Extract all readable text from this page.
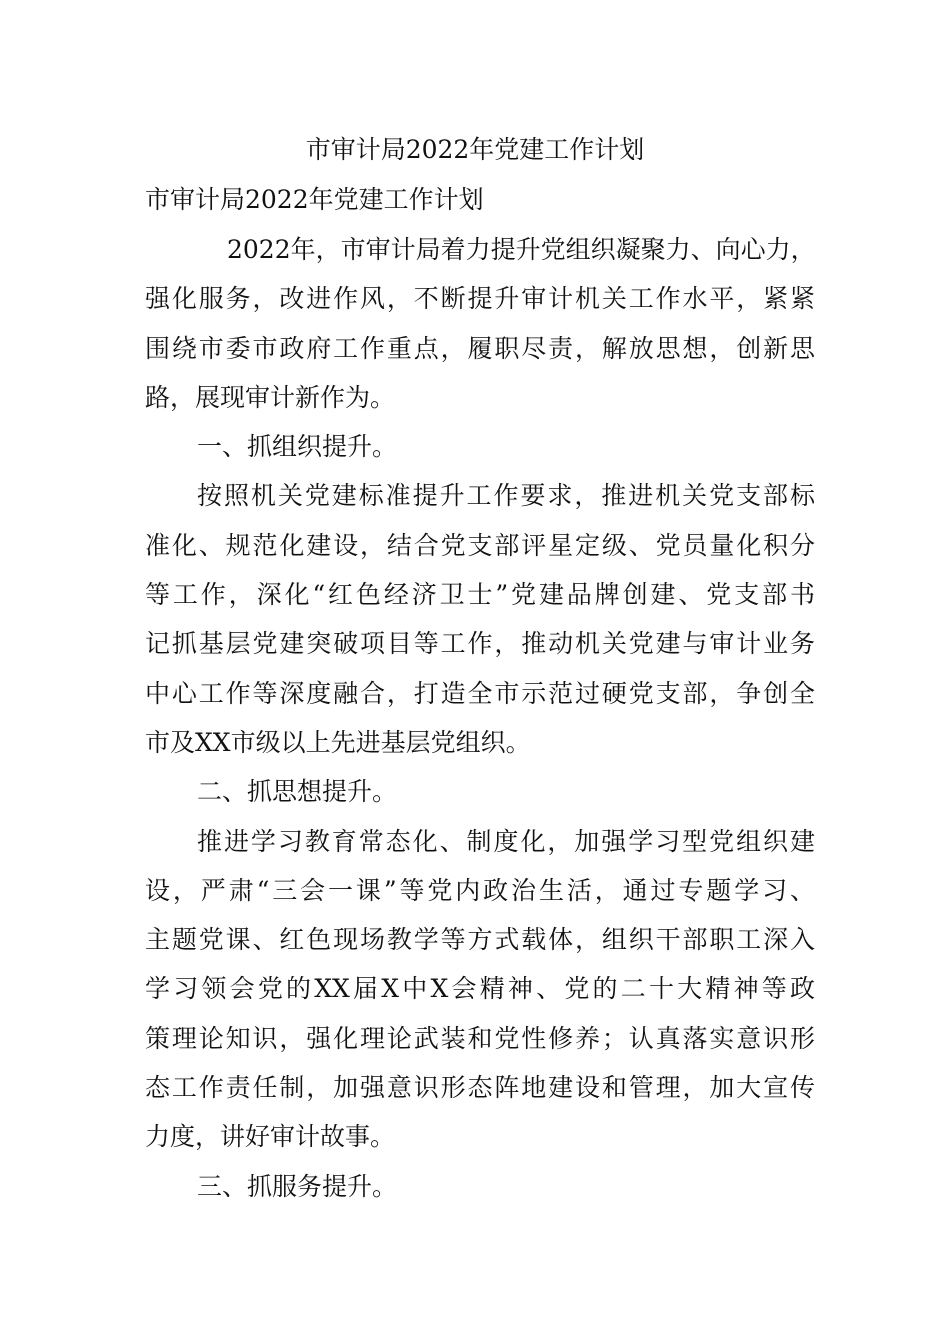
市审计局2022年党建工作计划
市审计局2022年党建工作计划

2022年，市审计局着力提升党组织凝聚力、向心力，
强化服务，改进作风，不断提升审计机关工作水平，紧紧
围绕市委市政府工作重点，履职尽责，解放思想，创新思
路，展现审计新作为。

一、抓组织提升。

按照机关党建标准提升工作要求，推进机关党支部标
准化、规范化建设，结合党支部评星定级、党员量化积分
等工作，深化“红色经济卫士”党建品牌创建、党支部书
记抓基层党建突破项目等工作，推动机关党建与审计业务
中心工作等深度融合，打造全市示范过硬党支部，争创全
市及XX市级以上先进基层党组织。

二、抓思想提升。

推进学习教育常态化、制度化，加强学习型党组织建
设，严肃“三会一课”等党内政治生活，通过专题学习、
主题党课、红色现场教学等方式载体，组织干部职工深入
学习领会党的XX届X中X会精神、党的二十大精神等政
策理论知识，强化理论武装和党性修养；认真落实意识形
态工作责任制，加强意识形态阵地建设和管理，加大宣传
力度，讲好审计故事。

三、抓服务提升。
